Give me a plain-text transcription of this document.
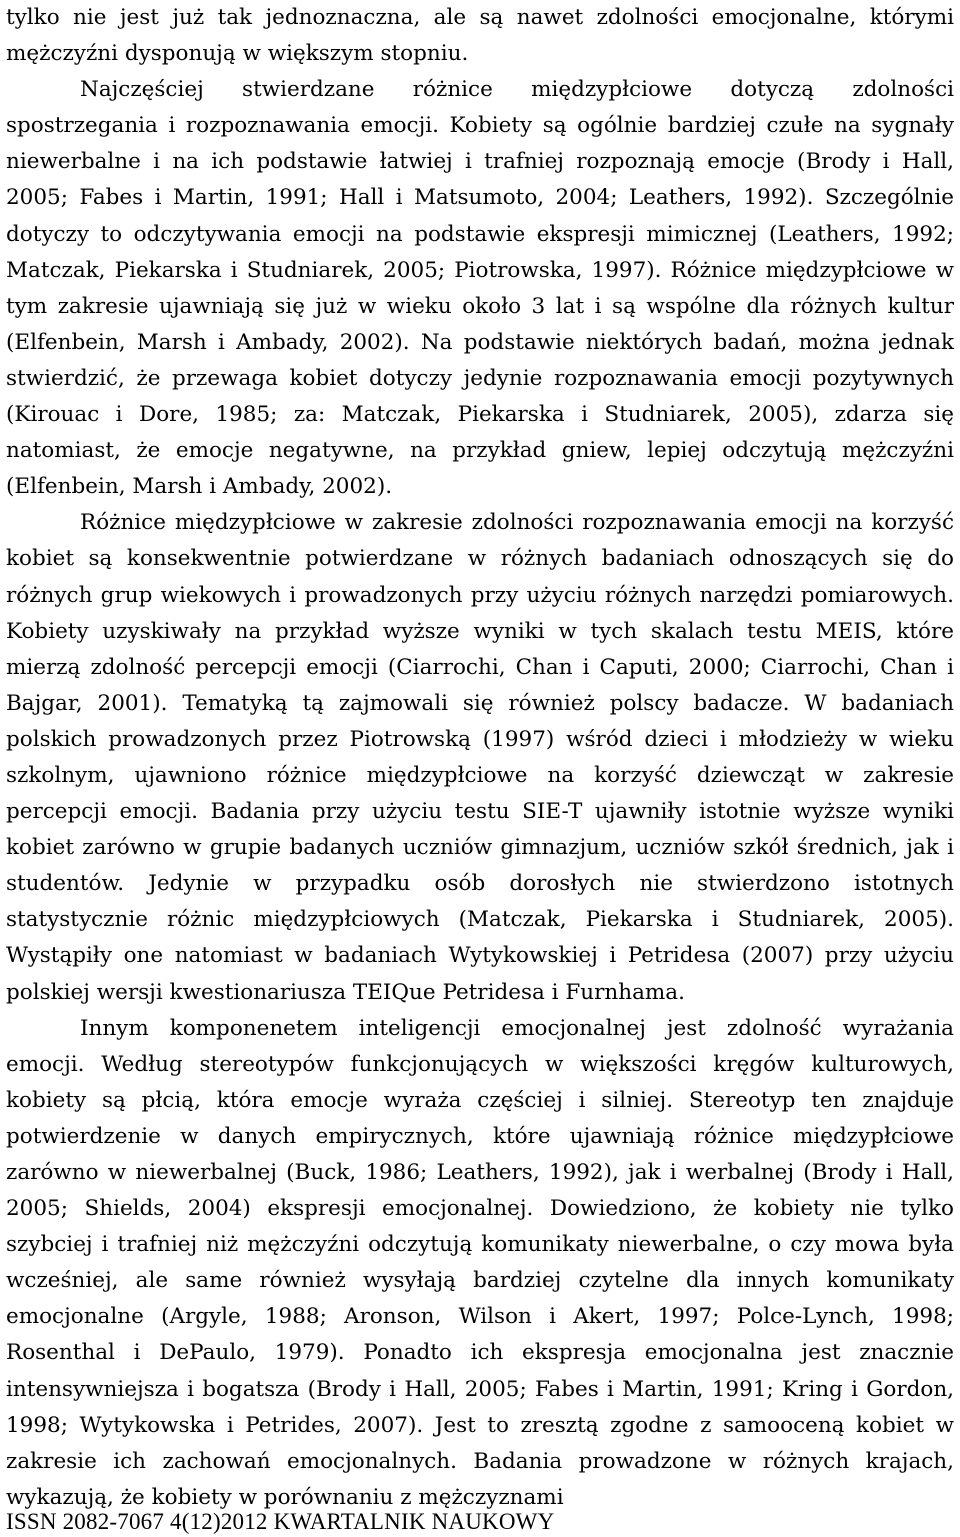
tylko nie jest już tak jednoznaczna, ale są nawet zdolności emocjonalne, którymi mężczyźni dysponują w większym stopniu.

Najczęściej stwierdzane różnice międzypłciowe dotyczą zdolności spostrzegania i rozpoznawania emocji. Kobiety są ogólnie bardziej czułe na sygnały niewerbalne i na ich podstawie łatwiej i trafniej rozpoznają emocje (Brody i Hall, 2005; Fabes i Martin, 1991; Hall i Matsumoto, 2004; Leathers, 1992). Szczególnie dotyczy to odczytywania emocji na podstawie ekspresji mimicznej (Leathers, 1992; Matczak, Piekarska i Studniarek, 2005; Piotrowska, 1997). Różnice międzypłciowe w tym zakresie ujawniają się już w wieku około 3 lat i są wspólne dla różnych kultur (Elfenbein, Marsh i Ambady, 2002). Na podstawie niektórych badań, można jednak stwierdzić, że przewaga kobiet dotyczy jedynie rozpoznawania emocji pozytywnych (Kirouac i Dore, 1985; za: Matczak, Piekarska i Studniarek, 2005), zdarza się natomiast, że emocje negatywne, na przykład gniew, lepiej odczytują mężczyźni (Elfenbein, Marsh i Ambady, 2002).

Różnice międzypłciowe w zakresie zdolności rozpoznawania emocji na korzyść kobiet są konsekwentnie potwierdzane w różnych badaniach odnoszących się do różnych grup wiekowych i prowadzonych przy użyciu różnych narzędzi pomiarowych. Kobiety uzyskiwały na przykład wyższe wyniki w tych skalach testu MEIS, które mierzą zdolność percepcji emocji (Ciarrochi, Chan i Caputi, 2000; Ciarrochi, Chan i Bajgar, 2001). Tematyką tą zajmowali się również polscy badacze. W badaniach polskich prowadzonych przez Piotrowską (1997) wśród dzieci i młodzieży w wieku szkolnym, ujawniono różnice międzypłciowe na korzyść dziewcząt w zakresie percepcji emocji. Badania przy użyciu testu SIE-T ujawniły istotnie wyższe wyniki kobiet zarówno w grupie badanych uczniów gimnazjum, uczniów szkół średnich, jak i studentów. Jedynie w przypadku osób dorosłych nie stwierdzono istotnych statystycznie różnic międzypłciowych (Matczak, Piekarska i Studniarek, 2005). Wystąpiły one natomiast w badaniach Wytykowskiej i Petridesa (2007) przy użyciu polskiej wersji kwestionariusza TEIQue Petridesa i Furnhama.

Innym komponenetem inteligencji emocjonalnej jest zdolność wyrażania emocji. Według stereotypów funkcjonujących w większości kręgów kulturowych, kobiety są płcią, która emocje wyraża częściej i silniej. Stereotyp ten znajduje potwierdzenie w danych empirycznych, które ujawniają różnice międzypłciowe zarówno w niewerbalnej (Buck, 1986; Leathers, 1992), jak i werbalnej (Brody i Hall, 2005; Shields, 2004) ekspresji emocjonalnej. Dowiedziono, że kobiety nie tylko szybciej i trafniej niż mężczyźni odczytują komunikaty niewerbalne, o czy mowa była wcześniej, ale same również wysyłają bardziej czytelne dla innych komunikaty emocjonalne (Argyle, 1988; Aronson, Wilson i Akert, 1997; Polce-Lynch, 1998; Rosenthal i DePaulo, 1979). Ponadto ich ekspresja emocjonalna jest znacznie intensywniejsza i bogatsza (Brody i Hall, 2005; Fabes i Martin, 1991; Kring i Gordon, 1998; Wytykowska i Petrides, 2007). Jest to zresztą zgodne z samooceną kobiet w zakresie ich zachowań emocjonalnych. Badania prowadzone w różnych krajach, wykazują, że kobiety w porównaniu z mężczyznami

ISSN 2082-7067 4(12)2012 KWARTALNIK NAUKOWY
